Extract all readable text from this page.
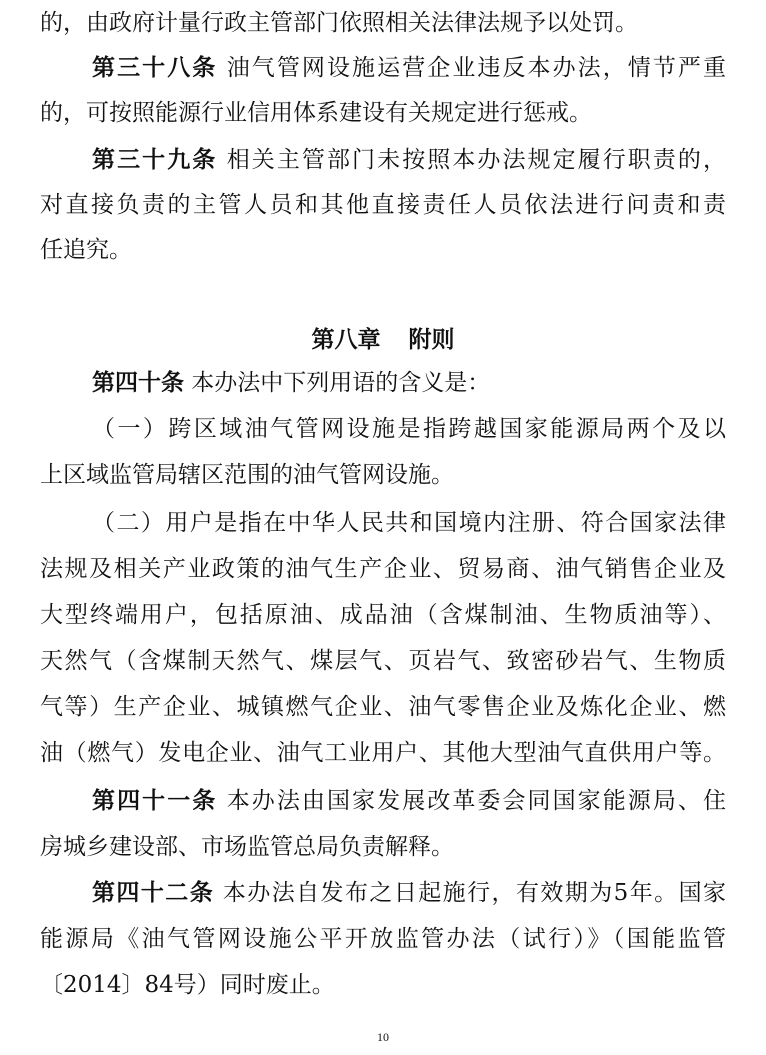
的，由政府计量行政主管部门依照相关法律法规予以处罚。
第三十八条 油气管网设施运营企业违反本办法，情节严重
的，可按照能源行业信用体系建设有关规定进行惩戒。
第三十九条 相关主管部门未按照本办法规定履行职责的，
对直接负责的主管人员和其他直接责任人员依法进行问责和责
任追究。
第四十条 本办法中下列用语的含义是：
（一）跨区域油气管网设施是指跨越国家能源局两个及以
上区域监管局辖区范围的油气管网设施。
（二）用户是指在中华人民共和国境内注册、符合国家法律
法规及相关产业政策的油气生产企业、贸易商、油气销售企业及
大型终端用户，包括原油、成品油（含煤制油、生物质油等）、
天然气（含煤制天然气、煤层气、页岩气、致密砂岩气、生物质
气等）生产企业、城镇燃气企业、油气零售企业及炼化企业、燃
油（燃气）发电企业、油气工业用户、其他大型油气直供用户等。
第四十一条 本办法由国家发展改革委会同国家能源局、住
房城乡建设部、市场监管总局负责解释。
第四十二条 本办法自发布之日起施行，有效期为5年。国家
能源局《油气管网设施公平开放监管办法（试行）》（国能监管
〔2014〕84号）同时废止。
第八章 附则
10
